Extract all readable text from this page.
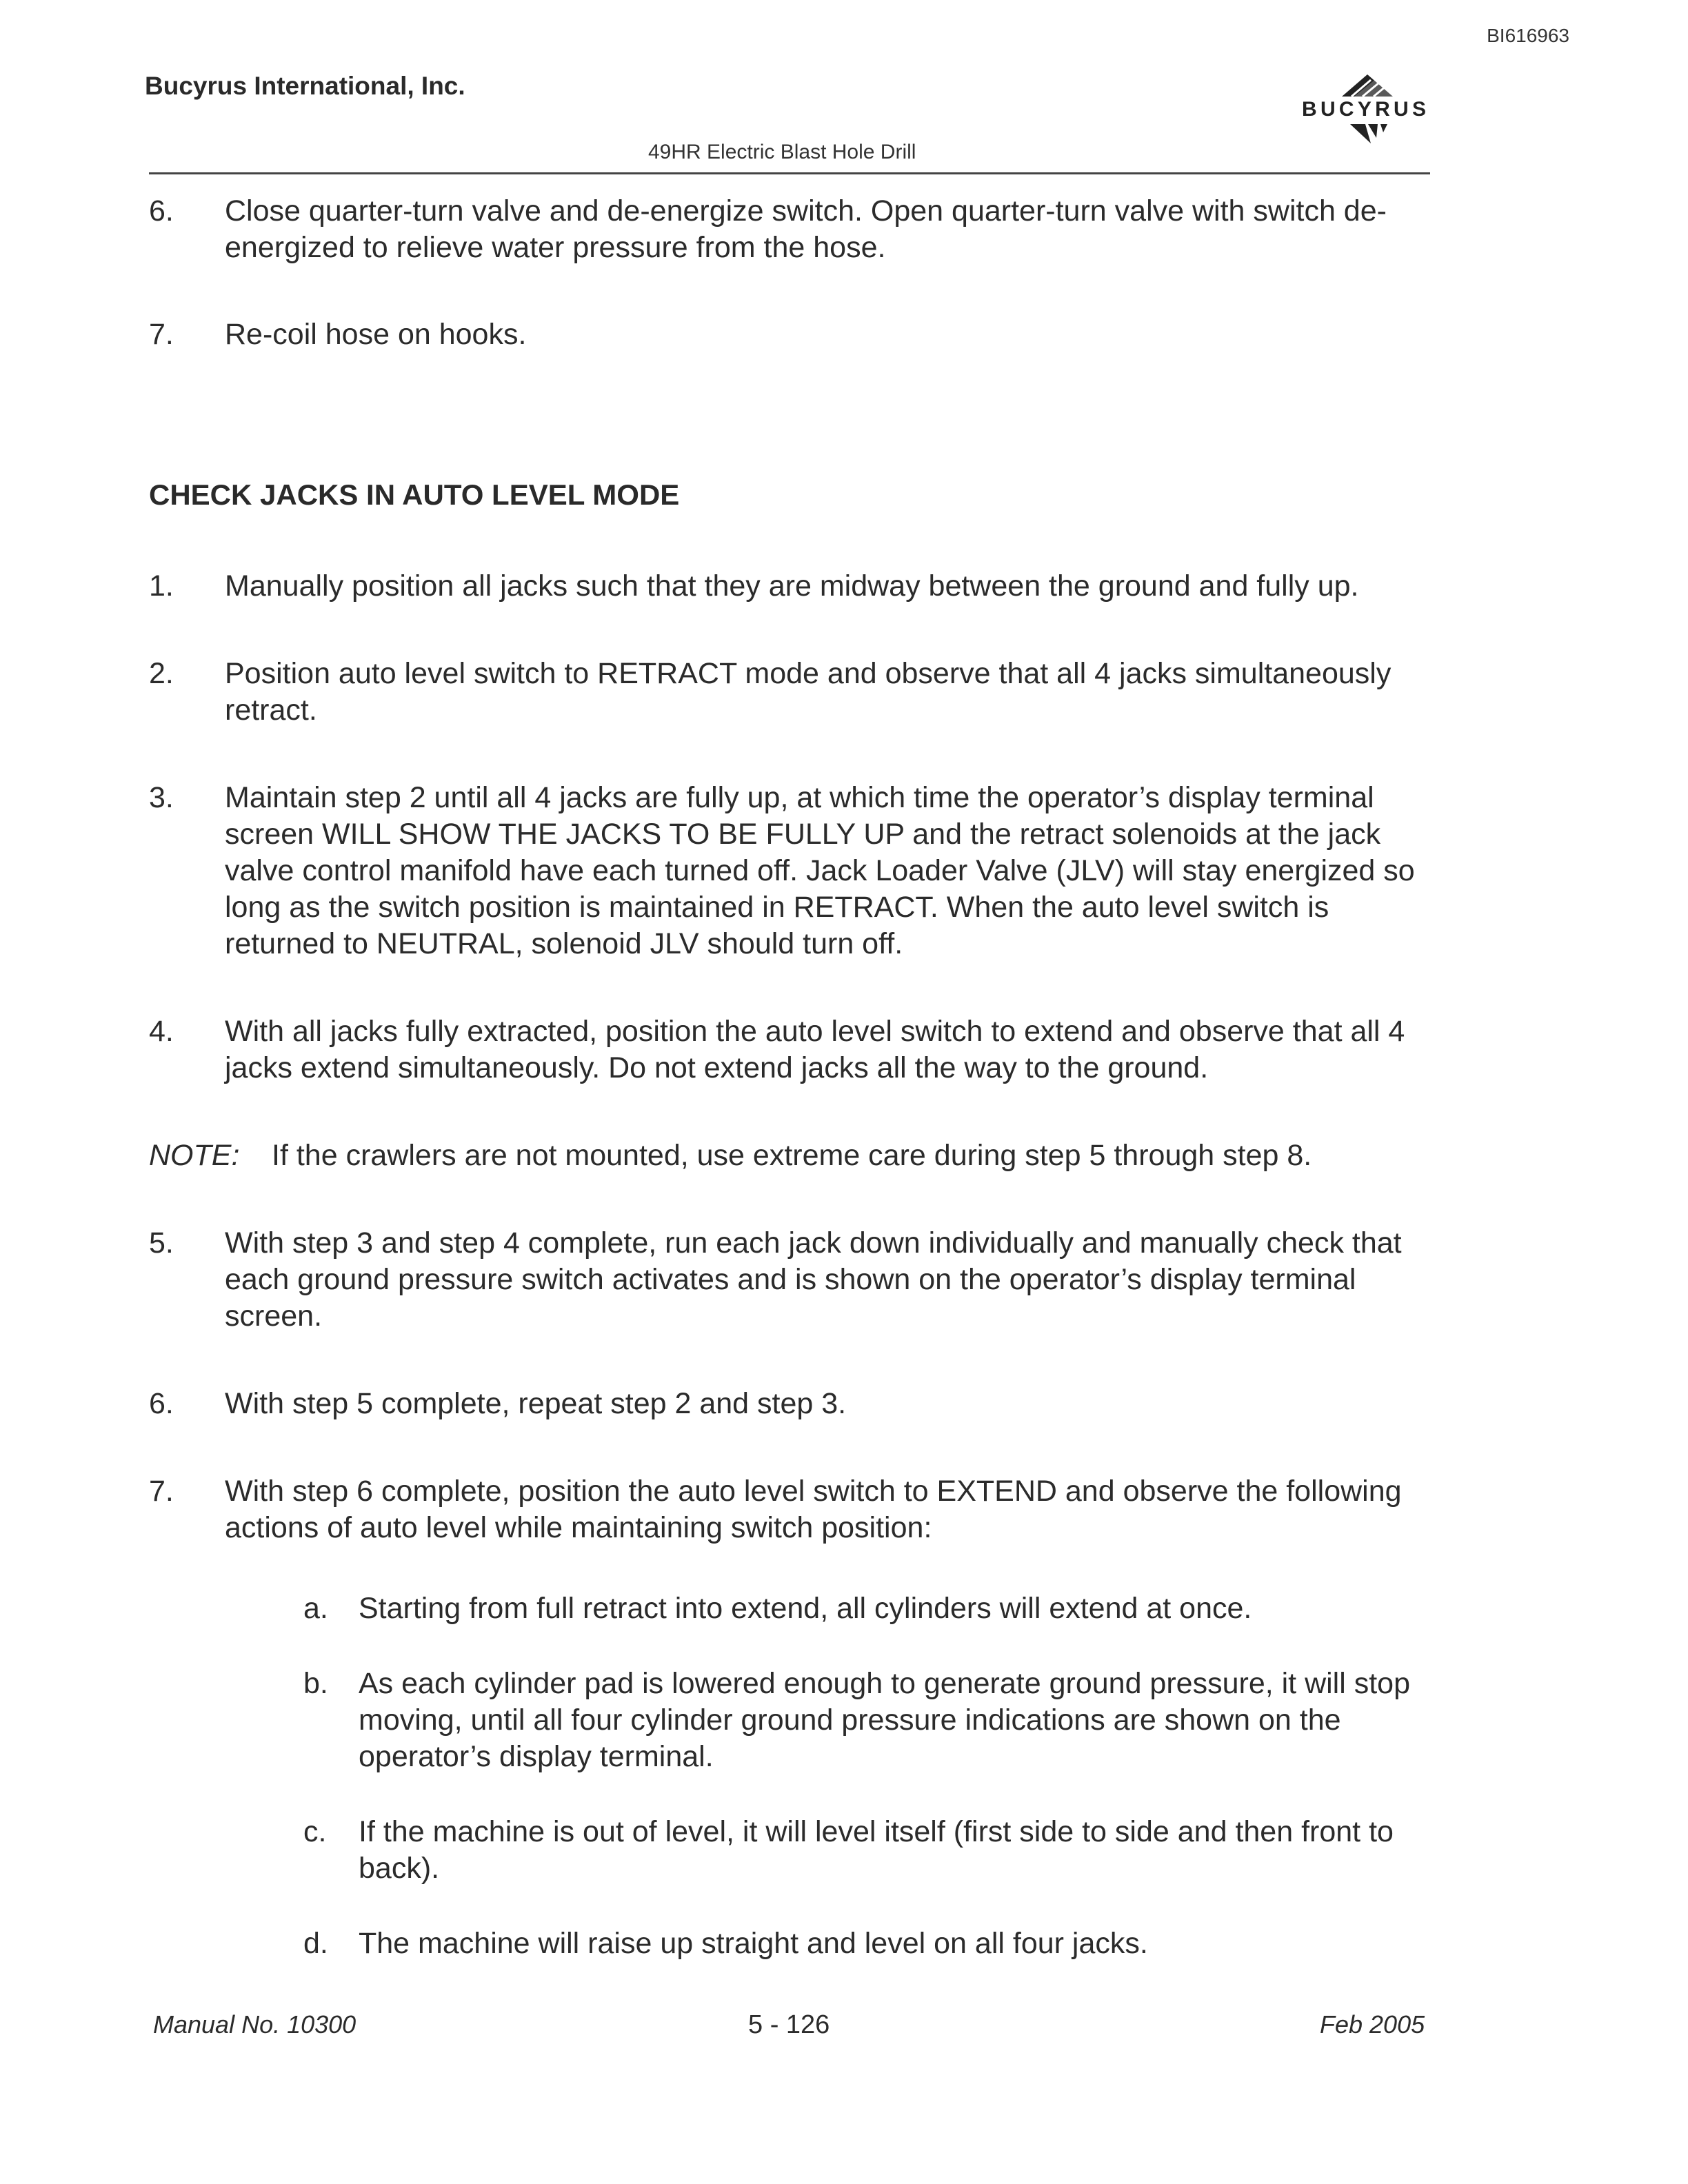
BI616963
Bucyrus International, Inc.
BUCYRUS
49HR Electric Blast Hole Drill
6.	Close quarter-turn valve and de-energize switch. Open quarter-turn valve with switch de-energized to relieve water pressure from the hose.
7.	Re-coil hose on hooks.
CHECK JACKS IN AUTO LEVEL MODE
1.	Manually position all jacks such that they are midway between the ground and fully up.
2.	Position auto level switch to RETRACT mode and observe that all 4 jacks simultaneously retract.
3.	Maintain step 2 until all 4 jacks are fully up, at which time the operator’s display terminal screen WILL SHOW THE JACKS TO BE FULLY UP and the retract solenoids at the jack valve control manifold have each turned off. Jack Loader Valve (JLV) will stay energized so long as the switch position is maintained in RETRACT. When the auto level switch is returned to NEUTRAL, solenoid JLV should turn off.
4.	With all jacks fully extracted, position the auto level switch to extend and observe that all 4 jacks extend simultaneously. Do not extend jacks all the way to the ground.
NOTE:	If the crawlers are not mounted, use extreme care during step 5 through step 8.
5.	With step 3 and step 4 complete, run each jack down individually and manually check that each ground pressure switch activates and is shown on the operator’s display terminal screen.
6.	With step 5 complete, repeat step 2 and step 3.
7.	With step 6 complete, position the auto level switch to EXTEND and observe the following actions of auto level while maintaining switch position:
a.	Starting from full retract into extend, all cylinders will extend at once.
b.	As each cylinder pad is lowered enough to generate ground pressure, it will stop moving, until all four cylinder ground pressure indications are shown on the operator’s display terminal.
c.	If the machine is out of level, it will level itself (first side to side and then front to back).
d.	The machine will raise up straight and level on all four jacks.
Manual No. 10300	5 - 126	Feb 2005
